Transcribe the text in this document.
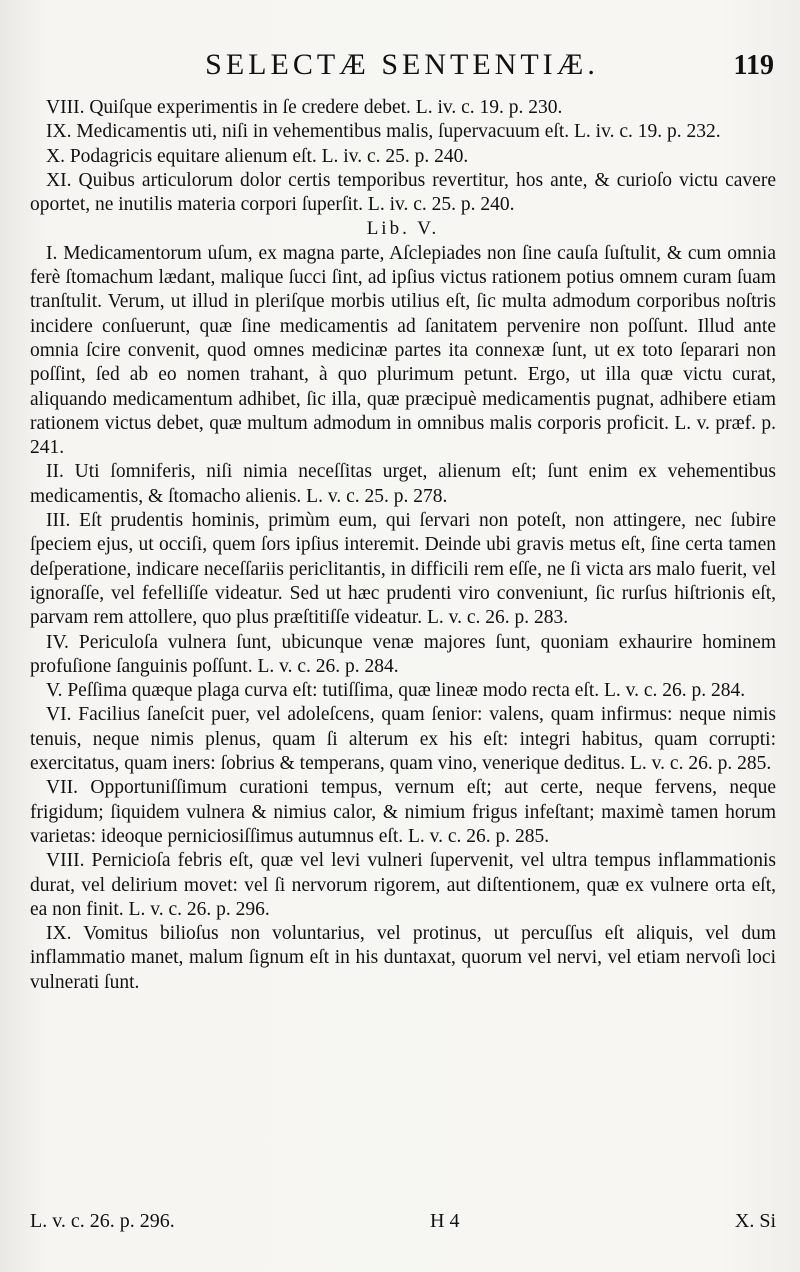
SELECTÆ SENTENTIÆ.	119

VIII. Quiſque experimentis in ſe credere debet. L. iv. c. 19. p. 230.

IX. Medicamentis uti, niſi in vehementibus malis, ſupervacuum eſt. L. iv. c. 19. p. 232.

X. Podagricis equitare alienum eſt. L. iv. c. 25. p. 240.

XI. Quibus articulorum dolor certis temporibus revertitur, hos ante, & curioſo victu cavere oportet, ne inutilis materia corpori ſuperſit. L. iv. c. 25. p. 240.

Lib. V.

I. Medicamentorum uſum, ex magna parte, Aſclepiades non ſine cauſa ſuſtulit, & cum omnia ferè ſtomachum lædant, malique ſucci ſint, ad ipſius victus rationem potius omnem curam ſuam tranſtulit. Verum, ut illud in pleriſque morbis utilius eſt, ſic multa admodum corporibus noſtris incidere conſuerunt, quæ ſine medicamentis ad ſanitatem pervenire non poſſunt. Illud ante omnia ſcire convenit, quod omnes medicinæ partes ita connexæ ſunt, ut ex toto ſeparari non poſſint, ſed ab eo nomen trahant, à quo plurimum petunt. Ergo, ut illa quæ victu curat, aliquando medicamentum adhibet, ſic illa, quæ præcipuè medicamentis pugnat, adhibere etiam rationem victus debet, quæ multum admodum in omnibus malis corporis proficit. L. v. præf. p. 241.

II. Uti ſomniferis, niſi nimia neceſſitas urget, alienum eſt; ſunt enim ex vehementibus medicamentis, & ſtomacho alienis. L. v. c. 25. p. 278.

III. Eſt prudentis hominis, primùm eum, qui ſervari non poteſt, non attingere, nec ſubire ſpeciem ejus, ut occiſi, quem ſors ipſius interemit. Deinde ubi gravis metus eſt, ſine certa tamen deſperatione, indicare neceſſariis periclitantis, in difficili rem eſſe, ne ſi victa ars malo fuerit, vel ignoraſſe, vel fefelliſſe videatur. Sed ut hæc prudenti viro conveniunt, ſic rurſus hiſtrionis eſt, parvam rem attollere, quo plus præſtitiſſe videatur. L. v. c. 26. p. 283.

IV. Periculoſa vulnera ſunt, ubicunque venæ majores ſunt, quoniam exhaurire hominem profuſione ſanguinis poſſunt. L. v. c. 26. p. 284.

V. Peſſima quæque plaga curva eſt: tutiſſima, quæ lineæ modo recta eſt. L. v. c. 26. p. 284.

VI. Facilius ſaneſcit puer, vel adoleſcens, quam ſenior: valens, quam infirmus: neque nimis tenuis, neque nimis plenus, quam ſi alterum ex his eſt: integri habitus, quam corrupti: exercitatus, quam iners: ſobrius & temperans, quam vino, venerique deditus. L. v. c. 26. p. 285.

VII. Opportuniſſimum curationi tempus, vernum eſt; aut certe, neque fervens, neque frigidum; ſiquidem vulnera & nimius calor, & nimium frigus infeſtant; maximè tamen horum varietas: ideoque perniciosiſſimus autumnus eſt. L. v. c. 26. p. 285.

VIII. Pernicioſa febris eſt, quæ vel levi vulneri ſupervenit, vel ultra tempus inflammationis durat, vel delirium movet: vel ſi nervorum rigorem, aut diſtentionem, quæ ex vulnere orta eſt, ea non finit. L. v. c. 26. p. 296.

IX. Vomitus bilioſus non voluntarius, vel protinus, ut percuſſus eſt aliquis, vel dum inflammatio manet, malum ſignum eſt in his duntaxat, quorum vel nervi, vel etiam nervoſi loci vulnerati ſunt.

L. v. c. 26. p. 296.	H 4	X. Si
